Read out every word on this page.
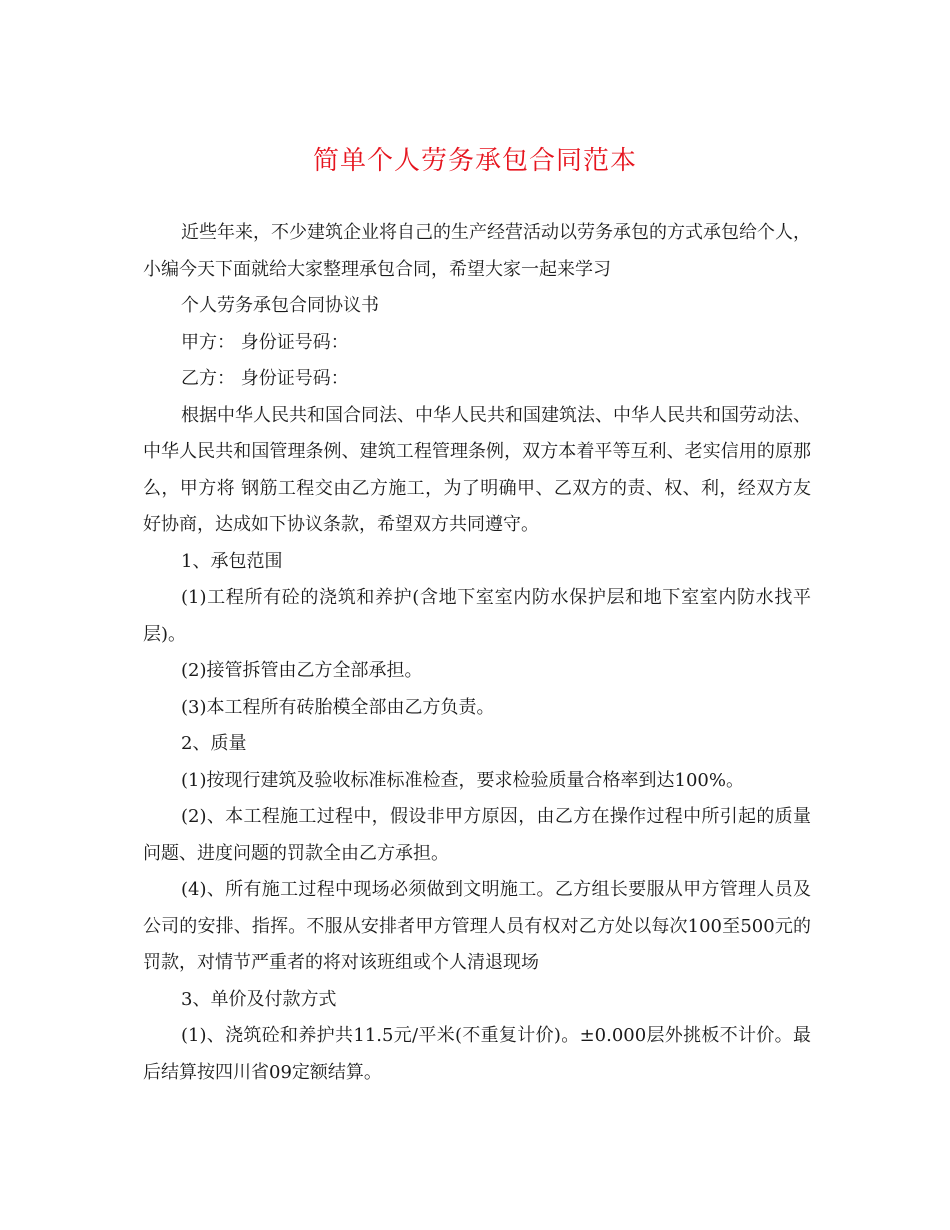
简单个人劳务承包合同范本

近些年来，不少建筑企业将自己的生产经营活动以劳务承包的方式承包给个人，小编今天下面就给大家整理承包合同，希望大家一起来学习

个人劳务承包合同协议书

甲方： 身份证号码：

乙方： 身份证号码：

根据中华人民共和国合同法、中华人民共和国建筑法、中华人民共和国劳动法、中华人民共和国管理条例、建筑工程管理条例，双方本着平等互利、老实信用的原那么，甲方将 钢筋工程交由乙方施工，为了明确甲、乙双方的责、权、利，经双方友好协商，达成如下协议条款，希望双方共同遵守。

1、承包范围

(1)工程所有砼的浇筑和养护(含地下室室内防水保护层和地下室室内防水找平层)。

(2)接管拆管由乙方全部承担。

(3)本工程所有砖胎模全部由乙方负责。

2、质量

(1)按现行建筑及验收标准标准检查，要求检验质量合格率到达100%。

(2)、本工程施工过程中，假设非甲方原因，由乙方在操作过程中所引起的质量问题、进度问题的罚款全由乙方承担。

(4)、所有施工过程中现场必须做到文明施工。乙方组长要服从甲方管理人员及公司的安排、指挥。不服从安排者甲方管理人员有权对乙方处以每次100至500元的罚款，对情节严重者的将对该班组或个人清退现场

3、单价及付款方式

(1)、浇筑砼和养护共11.5元/平米(不重复计价)。±0.000层外挑板不计价。最后结算按四川省09定额结算。
